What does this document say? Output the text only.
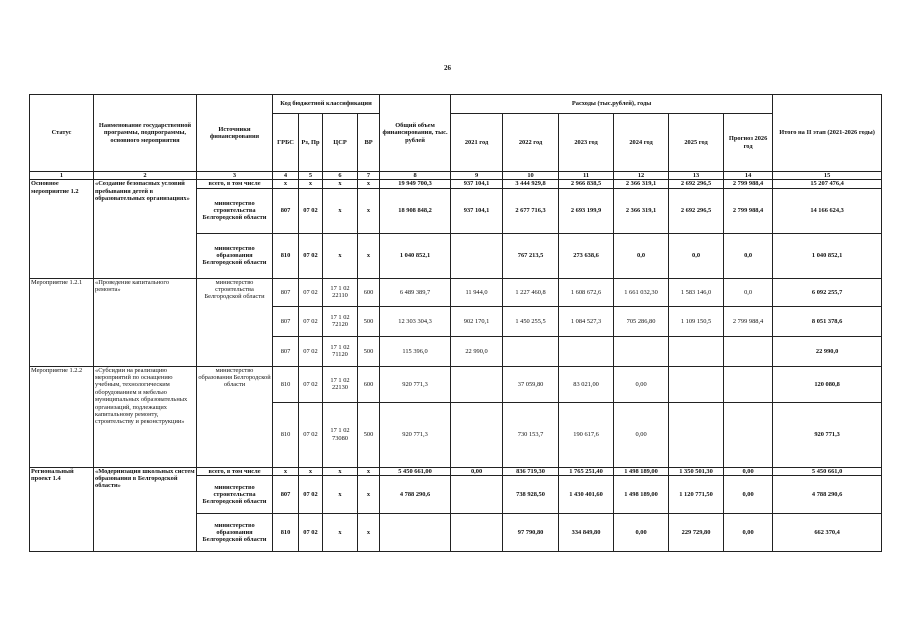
26
Статус	Наименование государственной программы, подпрограммы, основного мероприятия	Источники финансирования	Код бюджетной классификации				Общий объем финансирования, тыс. рублей	Расходы (тыс.рублей), годы						Итого на II этап (2021-2026 годы)
			ГРБС	Рз, Пр	ЦСР	ВР		2021 год	2022 год	2023 год	2024 год	2025 год	Прогноз 2026 год	
1	2	3	4	5	6	7	8	9	10	11	12	13	14	15
Основное мероприятие 1.2	«Создание безопасных условий пребывания детей в образовательных организациях»	всего, в том числе	x	x	x	x	19 949 700,3	937 104,1	3 444 929,8	2 966 838,5	2 366 319,1	2 692 296,5	2 799 988,4	15 207 476,4
		министерство строительства Белгородской области	807	07 02	x	x	18 908 848,2	937 104,1	2 677 716,3	2 693 199,9	2 366 319,1	2 692 296,5	2 799 988,4	14 166 624,3
		министерство образования Белгородской области	810	07 02	x	x	1 040 852,1		767 213,5	273 638,6	0,0	0,0	0,0	1 040 852,1
Мероприятие 1.2.1	«Проведение капитального ремонта»	министерство строительства Белгородской области	807	07 02	17 1 02 22110	600	6 489 389,7	11 944,0	1 227 460,8	1 608 672,6	1 661 032,30	1 583 146,0	0,0	6 092 255,7
			807	07 02	17 1 02 72120	500	12 303 304,3	902 170,1	1 450 255,5	1 084 527,3	705 286,80	1 109 150,5	2 799 988,4	8 051 378,6
			807	07 02	17 1 02 71120	500	115 396,0	22 990,0						22 990,0
Мероприятие 1.2.2	«Субсидии на реализацию мероприятий по оснащению учебным, технологическим оборудованием и мебелью муниципальных образовательных организаций, подлежащих капитальному ремонту, строительству и реконструкции»	министерство образования Белгородской области	810	07 02	17 1 02 22130	600	920 771,3		37 059,80	83 021,00	0,00			120 080,8
			810	07 02	17 1 02 73080	500	920 771,3		730 153,7	190 617,6	0,00			920 771,3
Региональный проект 1.4	«Модернизация школьных систем образования в Белгородской области»	всего, в том числе	x	x	x	x	5 450 661,00	0,00	836 719,30	1 765 251,40	1 498 189,00	1 350 501,30	0,00	5 450 661,0
		министерство строительства Белгородской области	807	07 02	x	x	4 788 290,6		738 928,50	1 430 401,60	1 498 189,00	1 120 771,50	0,00	4 788 290,6
		министерство образования Белгородской области	810	07 02	x	x			97 790,80	334 849,80	0,00	229 729,80	0,00	662 370,4
